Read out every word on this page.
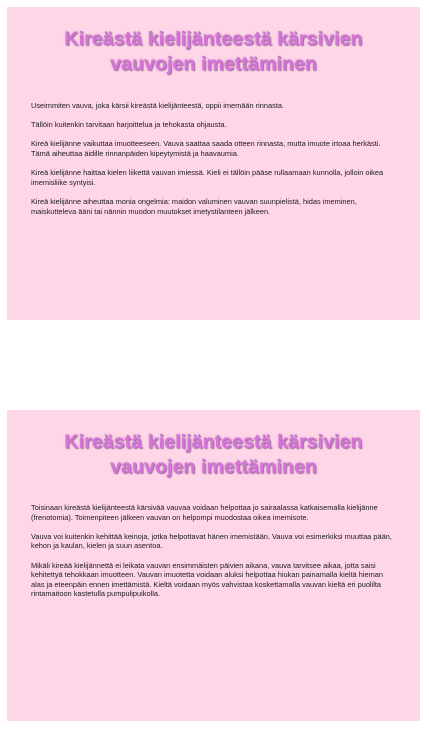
Kireästä kielijänteestä kärsivien vauvojen imettäminen

Useimmiten vauva, joka kärsii kireästä kielijänteestä, oppii imemään rinnasta.

Tällöin kuitenkin tarvitaan harjoittelua ja tehokasta ohjausta.

Kireä kielijänne vaikuttaa imuotteeseen. Vauva saattaa saada otteen rinnasta, mutta imuote irtoaa herkästi. Tämä aiheuttaa äidille rinnanpäiden kipeytymistä ja haavaumia.

Kireä kielijänne haittaa kielen liikettä vauvan imiessä. Kieli ei tällöin pääse rullaamaan kunnolla, jolloin oikea imemisliike syntyisi.

Kireä kielijänne aiheuttaa monia ongelmia: maidon valuminen vauvan suunpielistä, hidas imeminen, maiskutteleva ääni tai nännin muodon muutokset imetystilanteen jälkeen.

Kireästä kielijänteestä kärsivien vauvojen imettäminen

Toisinaan kireästä kielijänteestä kärsivää vauvaa voidaan helpottaa jo sairaalassa katkaisemalla kielijänne (frenotomia). Toimenpiteen jälkeen vauvan on helpompi muodostaa oikea imemisote.

Vauva voi kuitenkin kehittää keinoja, jotka helpottavat hänen imemistään. Vauva voi esimerkiksi muuttaa pään, kehon ja kaulan, kielen ja suun asentoa.

Mikäli kireää kielijännettä ei leikata vauvan ensimmäisten päivien aikana, vauva tarvitsee aikaa, jotta saisi kehitettyä tehokkaan imuotteen. Vauvan imuotetta voidaan aluksi helpottaa hiukan painamalla kieltä hieman alas ja eteenpäin ennen imettämistä. Kieltä voidaan myös vahvistaa koskettamalla vauvan kieltä eri puolilta rintamaitoon kastetulla pumpulipuikolla.
